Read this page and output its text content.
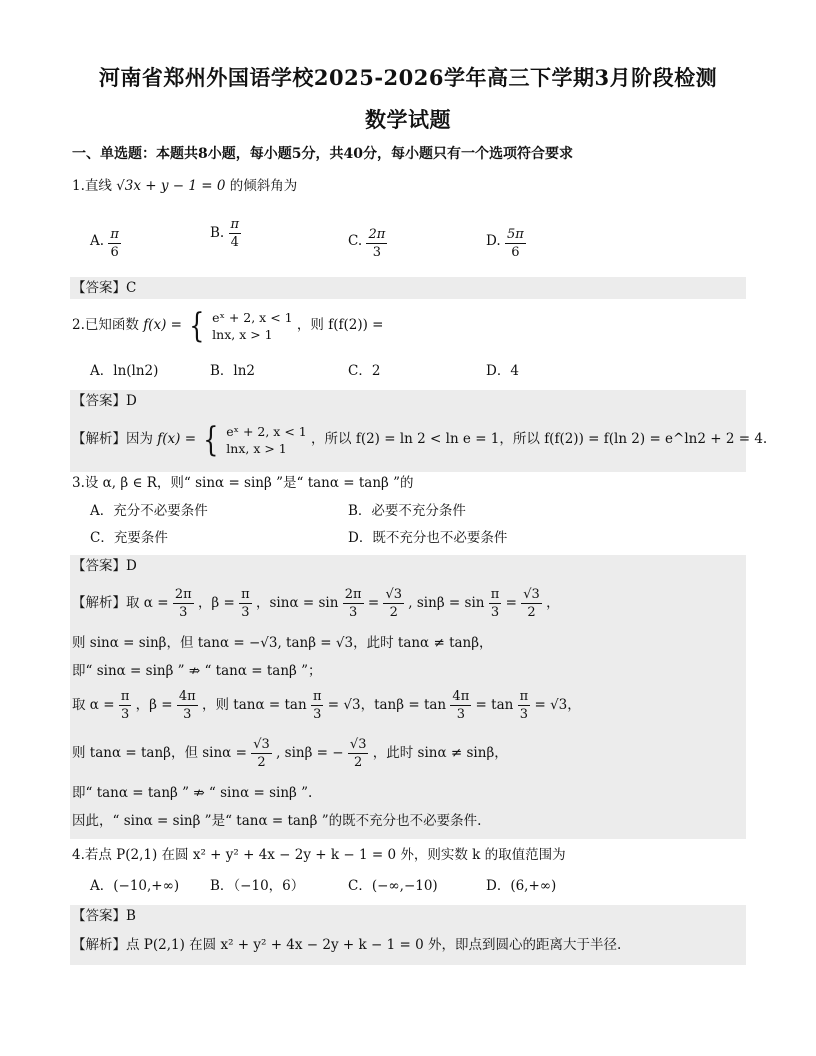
河南省郑州外国语学校2025-2026学年高三下学期3月阶段检测
数学试题
一、单选题：本题共8小题，每小题5分，共40分，每小题只有一个选项符合要求
1.直线 √3x + y − 1 = 0 的倾斜角为
A. $\frac{\pi}{6}$	B. $\frac{\pi}{4}$	C. $\frac{2\pi}{3}$	D. $\frac{5\pi}{6}$
【答案】C
2.已知函数 f(x) = { eˣ + 2, x < 1
lnx, x > 1
，则 f(f(2)) =
A．ln(ln2)	B．ln2	C．2	D．4
【答案】D
【解析】因为 f(x) = { eˣ + 2, x < 1
lnx, x > 1
，所以 f(2) = ln 2 < ln e = 1，所以 f(f(2)) = f(ln 2) = e^ln2 + 2 = 4.
3.设 α, β ∈ R，则“ sinα = sinβ ”是“ tanα = tanβ ”的
A．充分不必要条件	B．必要不充分条件
C．充要条件	D．既不充分也不必要条件
【答案】D
【解析】取 $\alpha = \frac{2\pi}{3}$ ，$\beta = \frac{\pi}{3}$ ，$\sin\alpha = \sin \frac{2\pi}{3} = \frac{√3}{2}$ , $\sin\beta = \sin \frac{\pi}{3} = \frac{√3}{2}$ ，
则 sinα = sinβ，但 tanα = −√3, tanβ = √3，此时 tanα ≠ tanβ，
即“ sinα = sinβ ” ⇏ “ tanα = tanβ ”；
取 $\alpha = \frac{\pi}{3}$ ，$\beta = \frac{4\pi}{3}$ ，则 $\tan\alpha = \tan \frac{\pi}{3} = √3$，$\tan\beta = \tan \frac{4\pi}{3} = \tan \frac{\pi}{3} = √3$，
则 tanα = tanβ，但 $\sin\alpha = \frac{√3}{2}$ , sinβ = − $\frac{√3}{2}$ ，此时 sinα ≠ sinβ，
即“ tanα = tanβ ” ⇏ “ sinα = sinβ ”.
因此，“ sinα = sinβ ”是“ tanα = tanβ ”的既不充分也不必要条件.
4.若点 P(2,1) 在圆 x² + y² + 4x − 2y + k − 1 = 0 外，则实数 k 的取值范围为
A．(−10,+∞) B．（−10，6）	C．(−∞,−10)	D．(6,+∞)
【答案】B
【解析】点 P(2,1) 在圆 x² + y² + 4x − 2y + k − 1 = 0 外，即点到圆心的距离大于半径.
